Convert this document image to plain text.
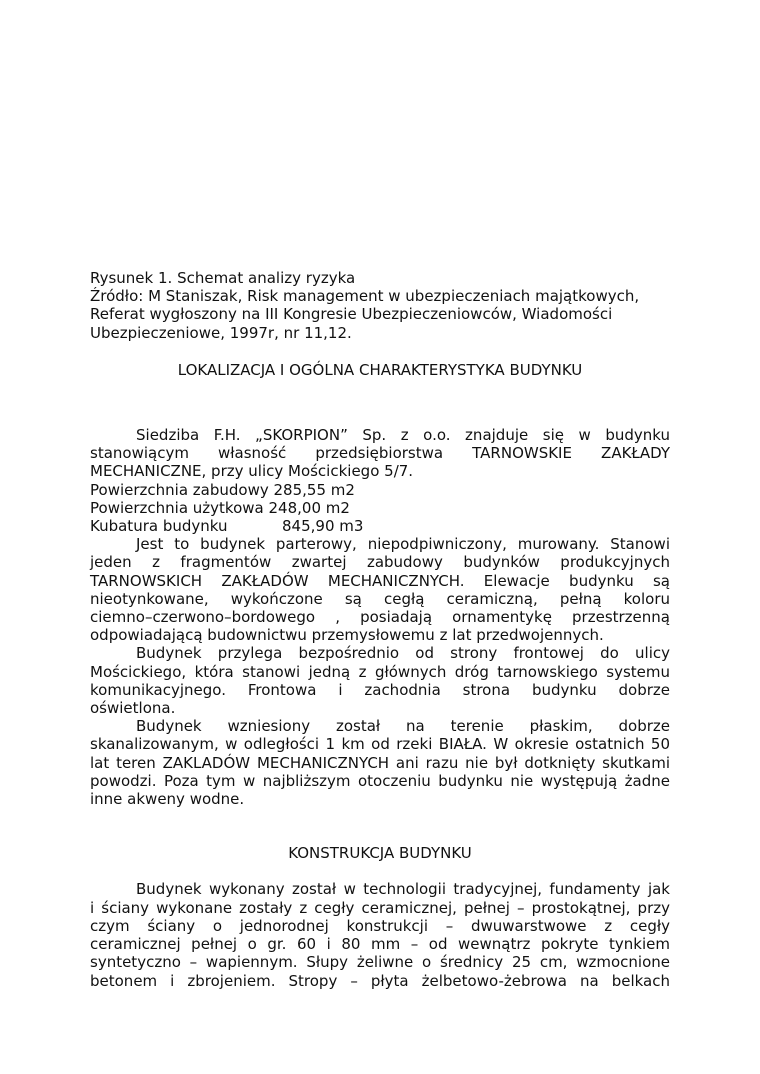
Rysunek 1. Schemat analizy ryzyka
Źródło: M Staniszak, Risk management w ubezpieczeniach majątkowych,
Referat wygłoszony na III Kongresie Ubezpieczeniowców, Wiadomości
Ubezpieczeniowe, 1997r, nr 11,12.
LOKALIZACJA I OGÓLNA CHARAKTERYSTYKA BUDYNKU
Siedziba F.H. „SKORPION” Sp. z o.o. znajduje się w budynku
stanowiącym własność przedsiębiorstwa TARNOWSKIE ZAKŁADY
MECHANICZNE, przy ulicy Mościckiego 5/7.
Powierzchnia zabudowy 285,55 m2
Powierzchnia użytkowa 248,00 m2
Kubatura budynku	845,90 m3
Jest to budynek parterowy, niepodpiwniczony, murowany. Stanowi
jeden z fragmentów zwartej zabudowy budynków produkcyjnych
TARNOWSKICH ZAKŁADÓW MECHANICZNYCH. Elewacje budynku są
nieotynkowane, wykończone są cegłą ceramiczną, pełną koloru
ciemno–czerwono–bordowego , posiadają ornamentykę przestrzenną
odpowiadającą budownictwu przemysłowemu z lat przedwojennych.
Budynek przylega bezpośrednio od strony frontowej do ulicy
Mościckiego, która stanowi jedną z głównych dróg tarnowskiego systemu
komunikacyjnego. Frontowa i zachodnia strona budynku dobrze
oświetlona.
Budynek wzniesiony został na terenie płaskim, dobrze
skanalizowanym, w odległości 1 km od rzeki BIAŁA. W okresie ostatnich 50
lat teren ZAKLADÓW MECHANICZNYCH ani razu nie był dotknięty skutkami
powodzi. Poza tym w najbliższym otoczeniu budynku nie występują żadne
inne akweny wodne.
KONSTRUKCJA BUDYNKU
Budynek wykonany został w technologii tradycyjnej, fundamenty jak
i ściany wykonane zostały z cegły ceramicznej, pełnej – prostokątnej, przy
czym ściany o jednorodnej konstrukcji – dwuwarstwowe z cegły
ceramicznej pełnej o gr. 60 i 80 mm – od wewnątrz pokryte tynkiem
syntetyczno – wapiennym. Słupy żeliwne o średnicy 25 cm, wzmocnione
betonem i zbrojeniem. Stropy – płyta żelbetowo-żebrowa na belkach
